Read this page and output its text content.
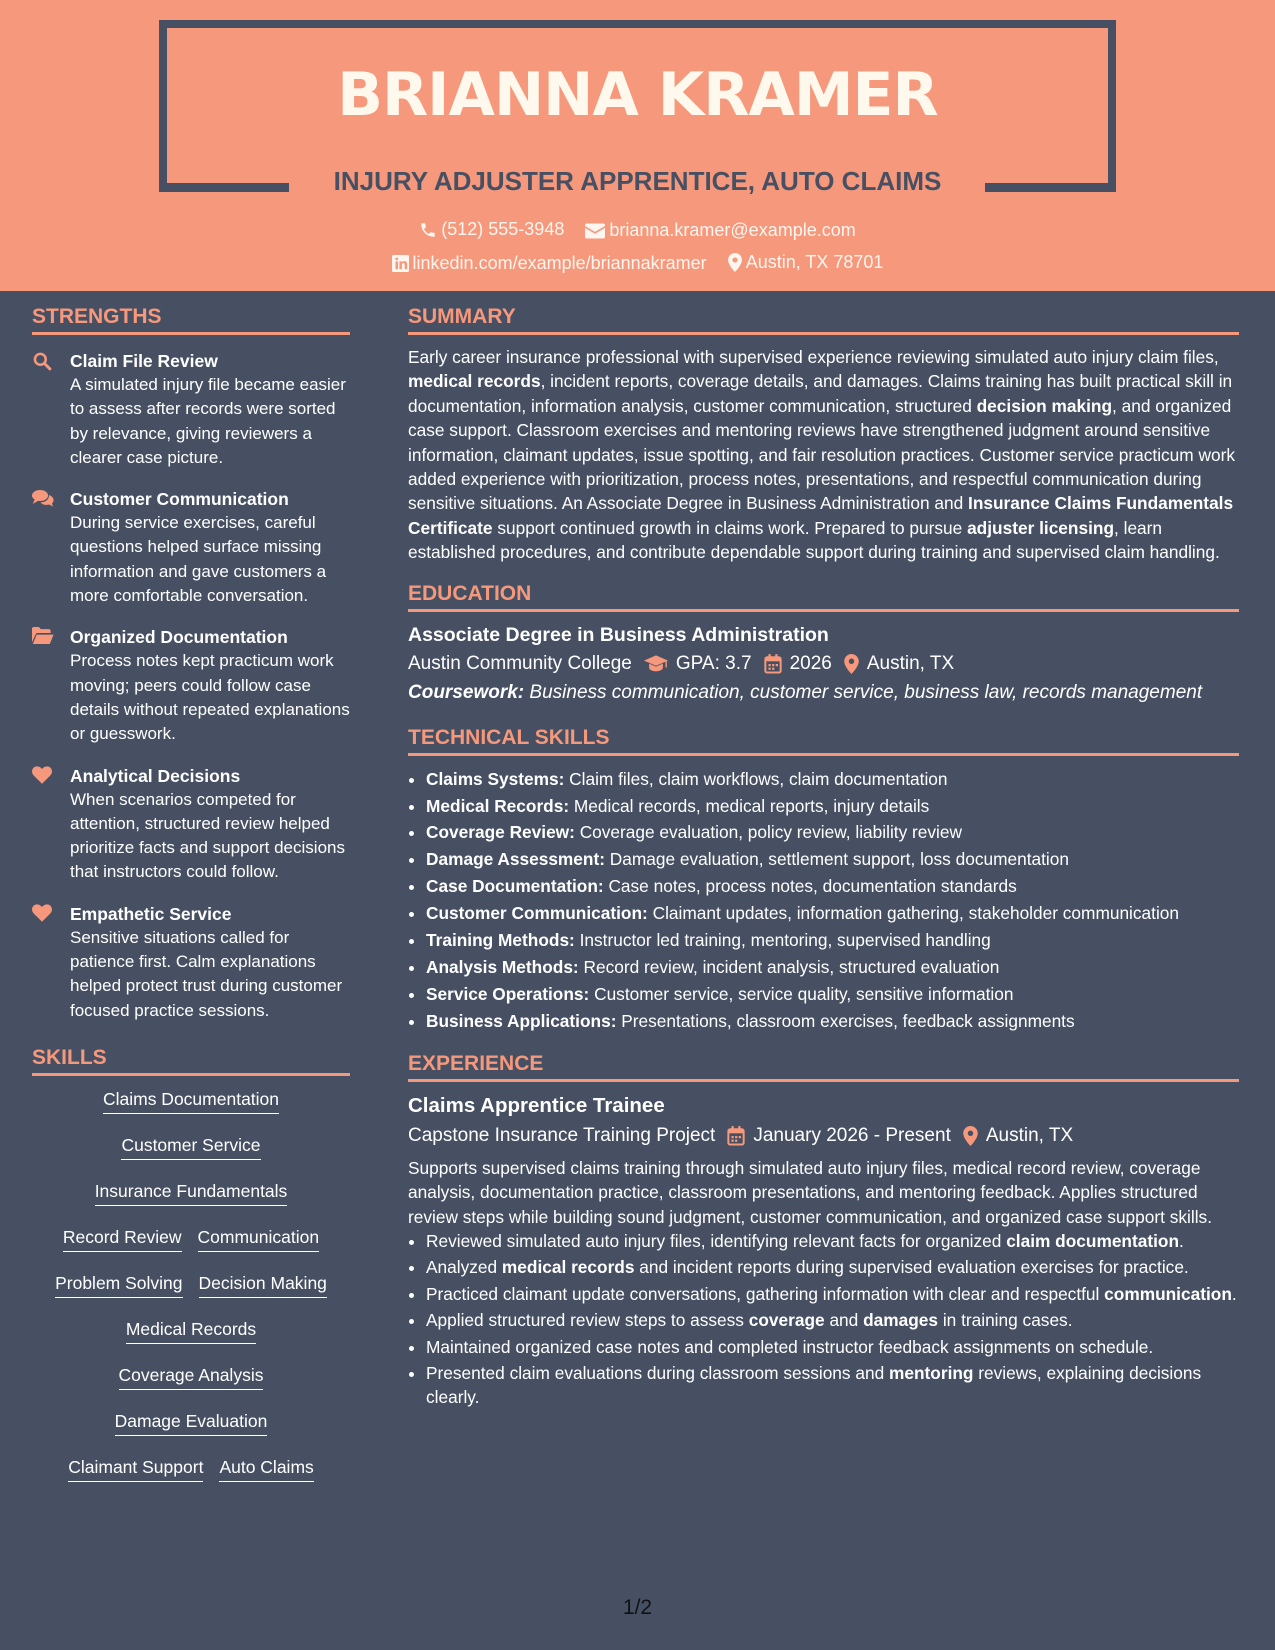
BRIANNA KRAMER
INJURY ADJUSTER APPRENTICE, AUTO CLAIMS
(512) 555-3948
	brianna.kramer@example.com
linkedin.com/example/briannakramer
Austin, TX 78701
STRENGTHS
Claim File Review
A simulated injury file became easier to assess after records were sorted by relevance, giving reviewers a clearer case picture.
Customer Communication
During service exercises, careful questions helped surface missing information and gave customers a more comfortable conversation.
Organized Documentation
Process notes kept practicum work moving; peers could follow case details without repeated explanations or guesswork.
Analytical Decisions
When scenarios competed for attention, structured review helped prioritize facts and support decisions that instructors could follow.
Empathetic Service
Sensitive situations called for patience first. Calm explanations helped protect trust during customer focused practice sessions.
SKILLS
Claims Documentation
Customer Service
Insurance Fundamentals
Record Review Communication
Problem Solving Decision Making
Medical Records
Coverage Analysis
Damage Evaluation
Claimant Support Auto Claims
SUMMARY

Early career insurance professional with supervised experience reviewing simulated auto injury claim files, medical records, incident reports, coverage details, and damages. Claims training has built practical skill in documentation, information analysis, customer communication, structured decision making, and organized case support. Classroom exercises and mentoring reviews have strengthened judgment around sensitive information, claimant updates, issue spotting, and fair resolution practices. Customer service practicum work added experience with prioritization, process notes, presentations, and respectful communication during sensitive situations. An Associate Degree in Business Administration and Insurance Claims Fundamentals Certificate support continued growth in claims work. Prepared to pursue adjuster licensing, learn established procedures, and contribute dependable support during training and supervised claim handling.

EDUCATION
Associate Degree in Business Administration
Austin Community College GPA: 3.7 2026 Austin, TX
Coursework: Business communication, customer service, business law, records management
TECHNICAL SKILLS
• Claims Systems: Claim files, claim workflows, claim documentation
• Medical Records: Medical records, medical reports, injury details
• Coverage Review: Coverage evaluation, policy review, liability review
• Damage Assessment: Damage evaluation, settlement support, loss documentation
• Case Documentation: Case notes, process notes, documentation standards
• Customer Communication: Claimant updates, information gathering, stakeholder communication
• Training Methods: Instructor led training, mentoring, supervised handling
• Analysis Methods: Record review, incident analysis, structured evaluation
• Service Operations: Customer service, service quality, sensitive information
• Business Applications: Presentations, classroom exercises, feedback assignments
EXPERIENCE
Claims Apprentice Trainee
Capstone Insurance Training Project January 2026 - Present Austin, TX

Supports supervised claims training through simulated auto injury files, medical record review, coverage analysis, documentation practice, classroom presentations, and mentoring feedback. Applies structured review steps while building sound judgment, customer communication, and organized case support skills.

• Reviewed simulated auto injury files, identifying relevant facts for organized claim documentation.
• Analyzed medical records and incident reports during supervised evaluation exercises for practice.
• Practiced claimant update conversations, gathering information with clear and respectful communication.
• Applied structured review steps to assess coverage and damages in training cases.
• Maintained organized case notes and completed instructor feedback assignments on schedule.
• Presented claim evaluations during classroom sessions and mentoring reviews, explaining decisions clearly.
1/2
